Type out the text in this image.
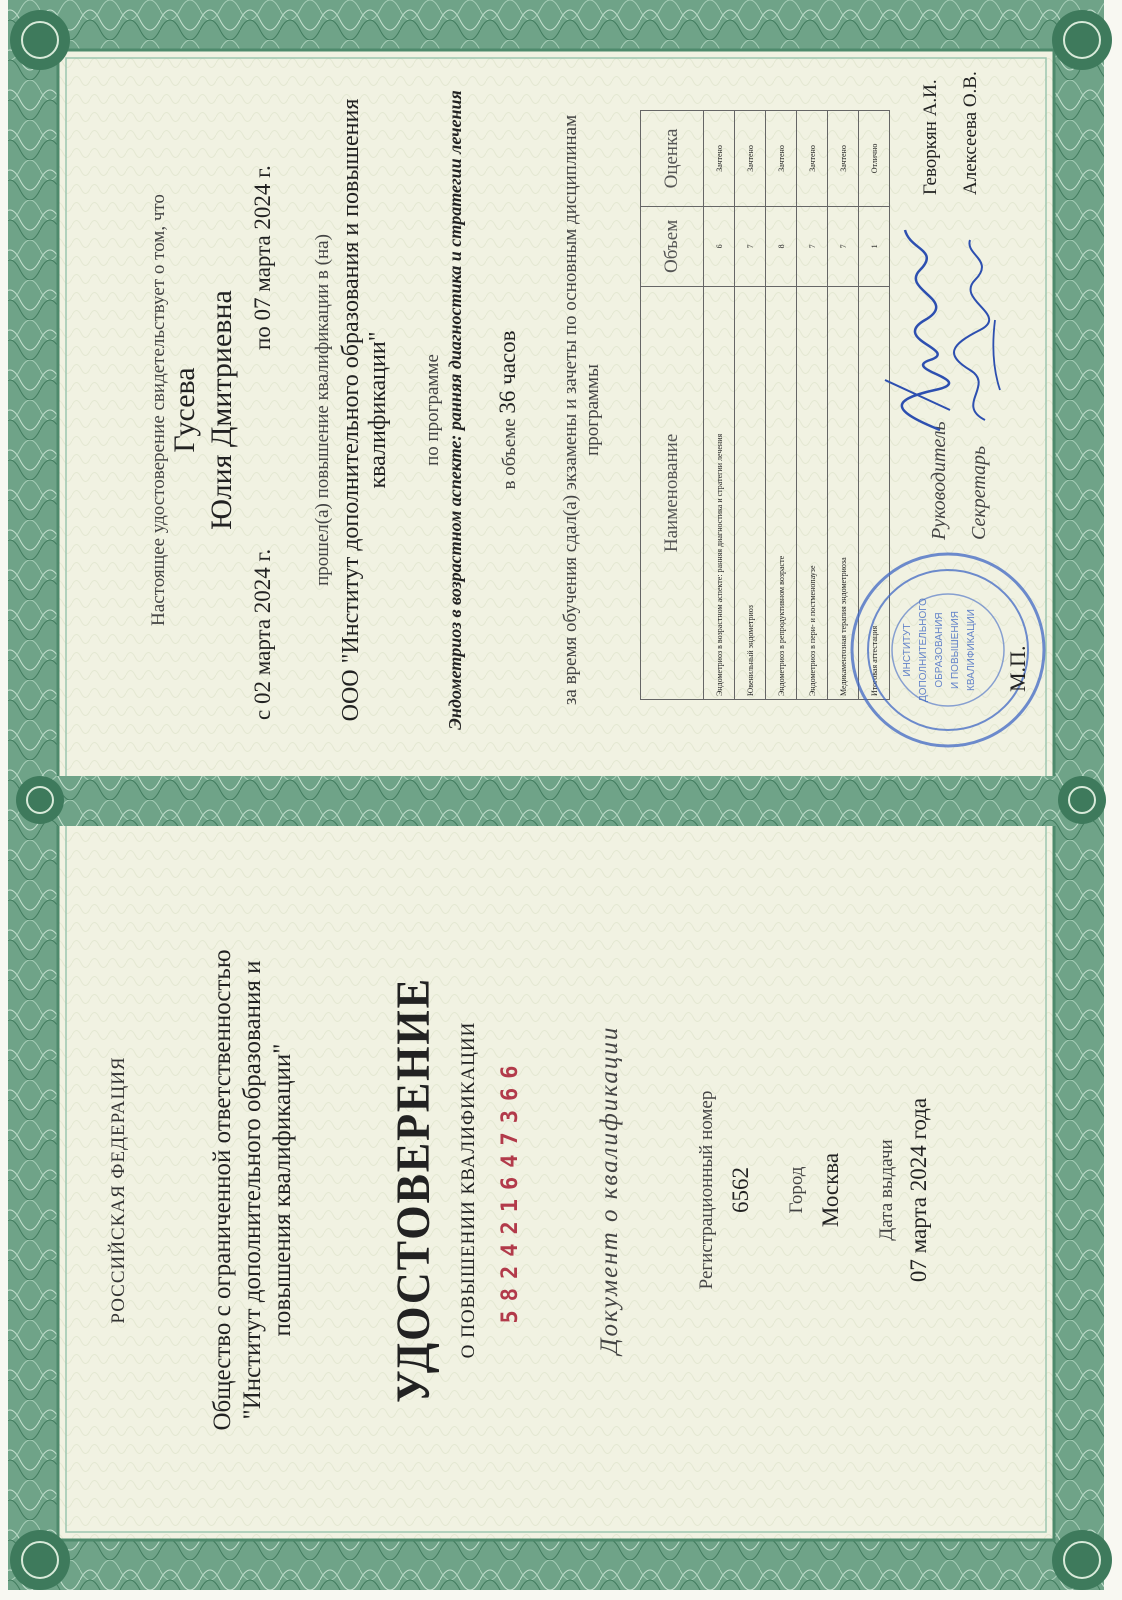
РОССИЙСКАЯ ФЕДЕРАЦИЯ	Общество с ограниченной ответственностью "Институт дополнительного образования и повышения квалификации" УДОСТОВЕРЕНИЕ О ПОВЫШЕНИИ КВАЛИФИКАЦИИ 582421647366	Документ о квалификации	Регистрационный номер 6562 Город Москва Дата выдачи 07 марта 2024 года
Настоящее удостоверение свидетельствует о том, что Гусева Юлия Дмитриевна
с 02 марта 2024 г.
по 07 марта 2024 г. прошел(а) повышение квалификации в (на) ООО "Институт дополнительного образования и повышения квалификации" по программе Эндометриоз в возрастном аспекте: ранняя диагностика и стратегии лечения в объеме 36 часов за время обучения сдал(а) экзамены и зачеты по основным дисциплинам программы
Наименование	Объем	Оценка
Эндометриоз в возрастном аспекте: ранняя диагностика и стратегии лечения	6	Зачтено
Ювенильный эндометриоз	7	Зачтено
Эндометриоз в репродуктивном возрасте	8	Зачтено
Эндометриоз в пери- и постменопаузе	7	Зачтено
Медикаментозная терапия эндометриоза	7	Зачтено
Итоговая аттестация	1	Отлично
ИНСТИТУТ ДОПОЛНИТЕЛЬНОГО ОБРАЗОВАНИЯ И ПОВЫШЕНИЯ КВАЛИФИКАЦИИ М.П.
Руководитель
Геворкян А.И.
Секретарь
Алексеева О.В.
